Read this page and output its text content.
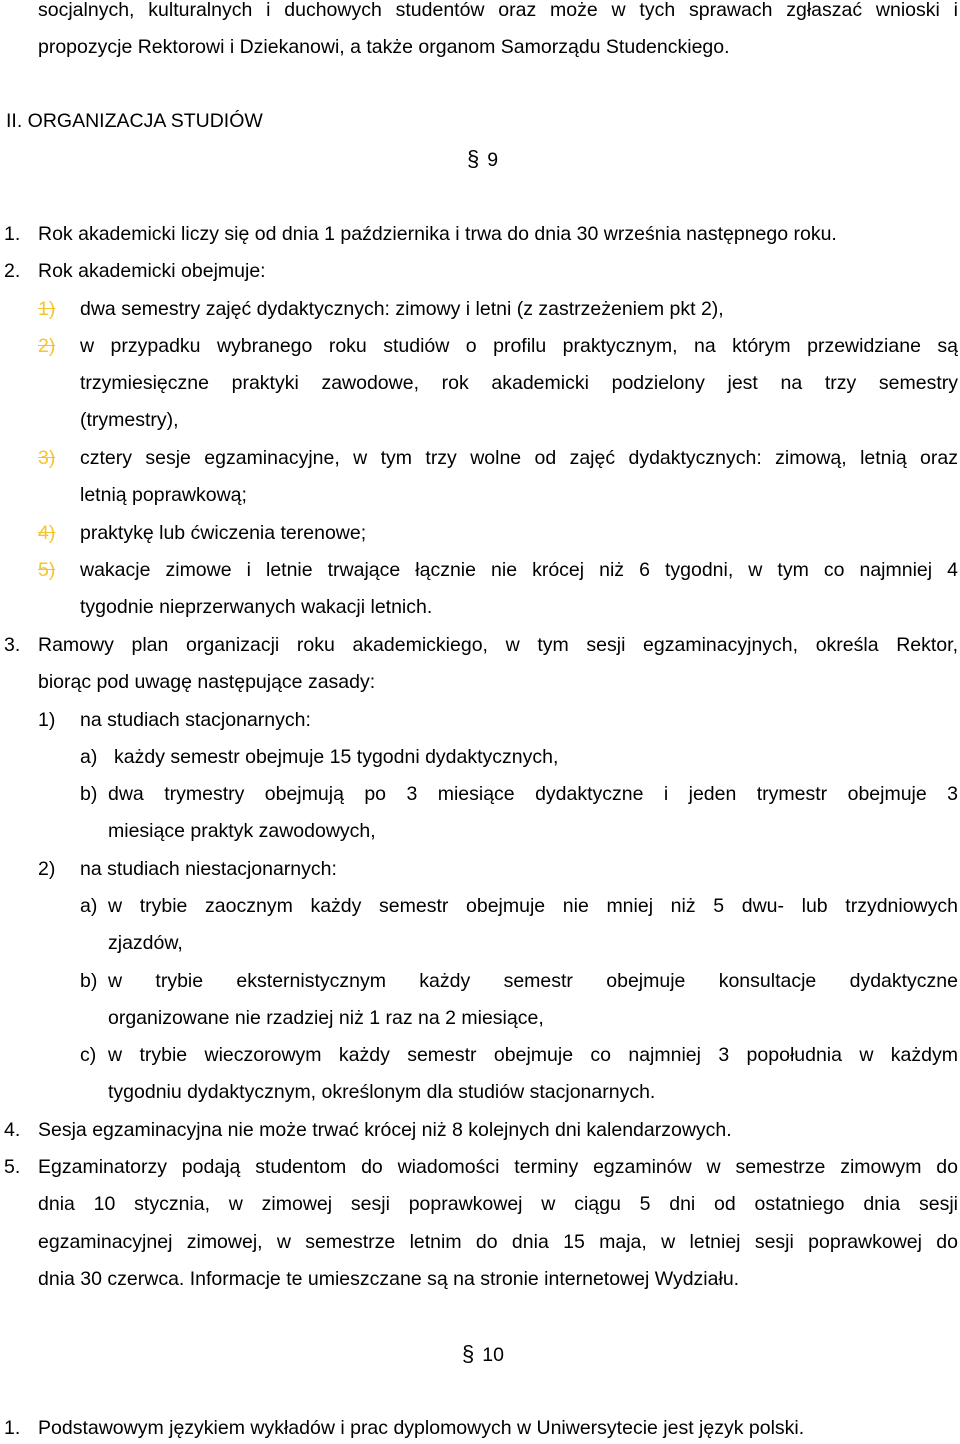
socjalnych, kulturalnych i duchowych studentów oraz może w tych sprawach zgłaszać wnioski i
propozycje Rektorowi i Dziekanowi, a także organom Samorządu Studenckiego.
II. ORGANIZACJA STUDIÓW
§ 9
1. Rok akademicki liczy się od dnia 1 października i trwa do dnia 30 września następnego roku.
2. Rok akademicki obejmuje:
1) dwa semestry zajęć dydaktycznych: zimowy i letni (z zastrzeżeniem pkt 2),
2) w przypadku wybranego roku studiów o profilu praktycznym, na którym przewidziane są
trzymiesięczne praktyki zawodowe, rok akademicki podzielony jest na trzy semestry
(trymestry),
3) cztery sesje egzaminacyjne, w tym trzy wolne od zajęć dydaktycznych: zimową, letnią oraz
letnią poprawkową;
4) praktykę lub ćwiczenia terenowe;
5) wakacje zimowe i letnie trwające łącznie nie krócej niż 6 tygodni, w tym co najmniej 4
tygodnie nieprzerwanych wakacji letnich.
3. Ramowy plan organizacji roku akademickiego, w tym sesji egzaminacyjnych, określa Rektor,
biorąc pod uwagę następujące zasady:
1) na studiach stacjonarnych:
a) każdy semestr obejmuje 15 tygodni dydaktycznych,
b) dwa trymestry obejmują po 3 miesiące dydaktyczne i jeden trymestr obejmuje 3
miesiące praktyk zawodowych,
2) na studiach niestacjonarnych:
a) w trybie zaocznym każdy semestr obejmuje nie mniej niż 5 dwu- lub trzydniowych
zjazdów,
b) w trybie eksternistycznym każdy semestr obejmuje konsultacje dydaktyczne
organizowane nie rzadziej niż 1 raz na 2 miesiące,
c) w trybie wieczorowym każdy semestr obejmuje co najmniej 3 popołudnia w każdym
tygodniu dydaktycznym, określonym dla studiów stacjonarnych.
4. Sesja egzaminacyjna nie może trwać krócej niż 8 kolejnych dni kalendarzowych.
5. Egzaminatorzy podają studentom do wiadomości terminy egzaminów w semestrze zimowym do
dnia 10 stycznia, w zimowej sesji poprawkowej w ciągu 5 dni od ostatniego dnia sesji
egzaminacyjnej zimowej, w semestrze letnim do dnia 15 maja, w letniej sesji poprawkowej do
dnia 30 czerwca. Informacje te umieszczane są na stronie internetowej Wydziału.
§ 10
1. Podstawowym językiem wykładów i prac dyplomowych w Uniwersytecie jest język polski.
